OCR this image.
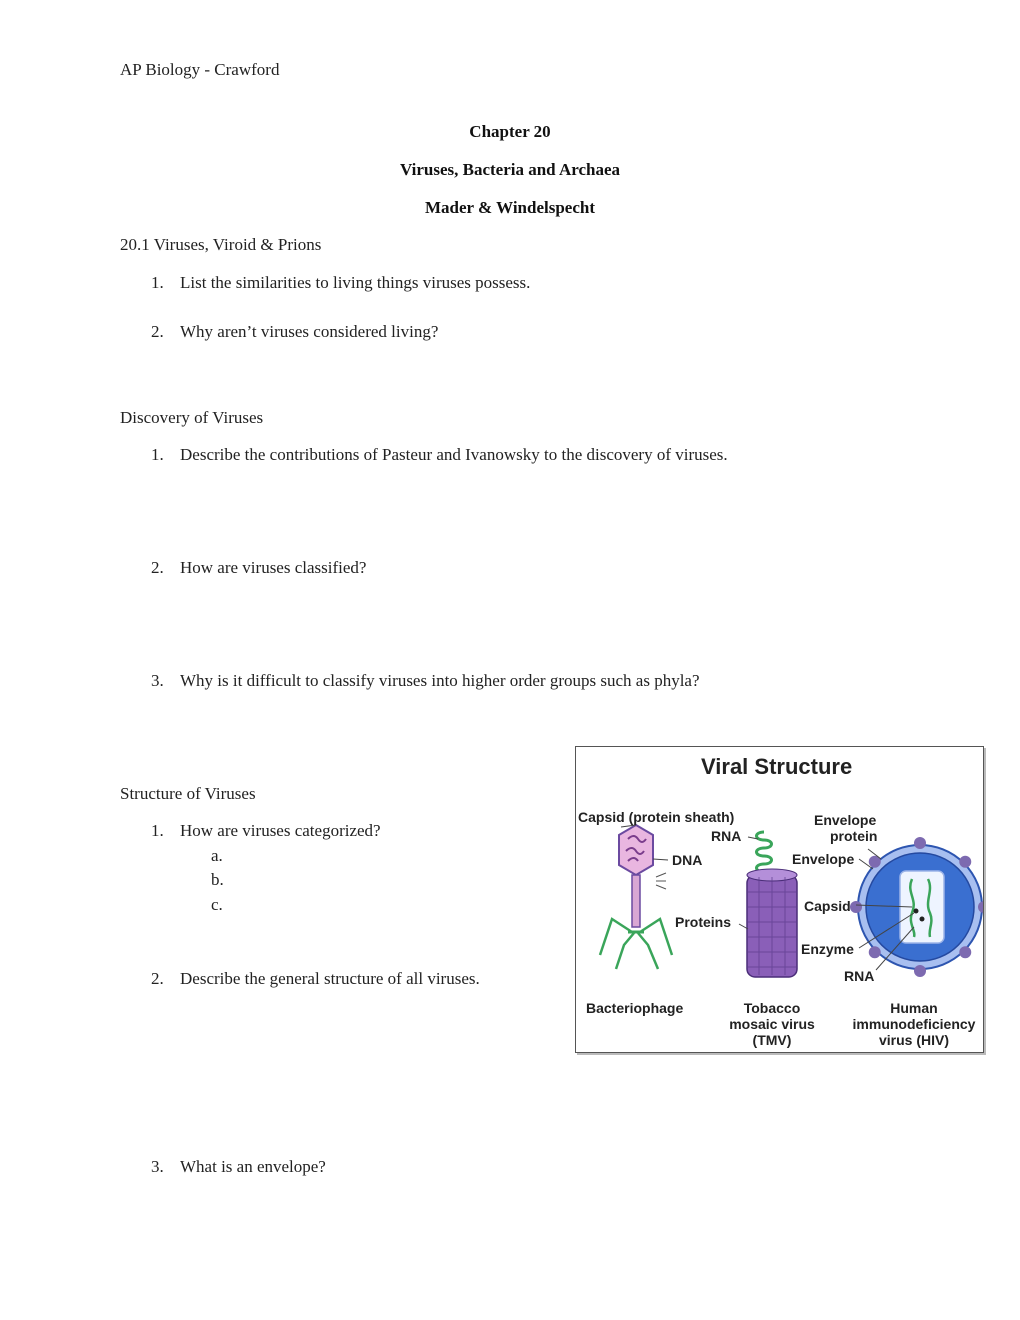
AP Biology - Crawford
Chapter 20
Viruses, Bacteria and Archaea
Mader & Windelspecht
20.1 Viruses, Viroid & Prions
1. List the similarities to living things viruses possess.
2. Why aren’t viruses considered living?
Discovery of Viruses
1. Describe the contributions of Pasteur and Ivanowsky to the discovery of viruses.
2. How are viruses classified?
3. Why is it difficult to classify viruses into higher order groups such as phyla?
Structure of Viruses
1. How are viruses categorized?
a.
b.
c.
2. Describe the general structure of all viruses.
3. What is an envelope?
Viral Structure
Capsid (protein sheath)
RNA
DNA
Proteins
Envelope
protein
Envelope
Capsid
Enzyme
RNA
Bacteriophage	Tobacco
mosaic virus
(TMV)
Human
immunodeficiency
virus (HIV)
